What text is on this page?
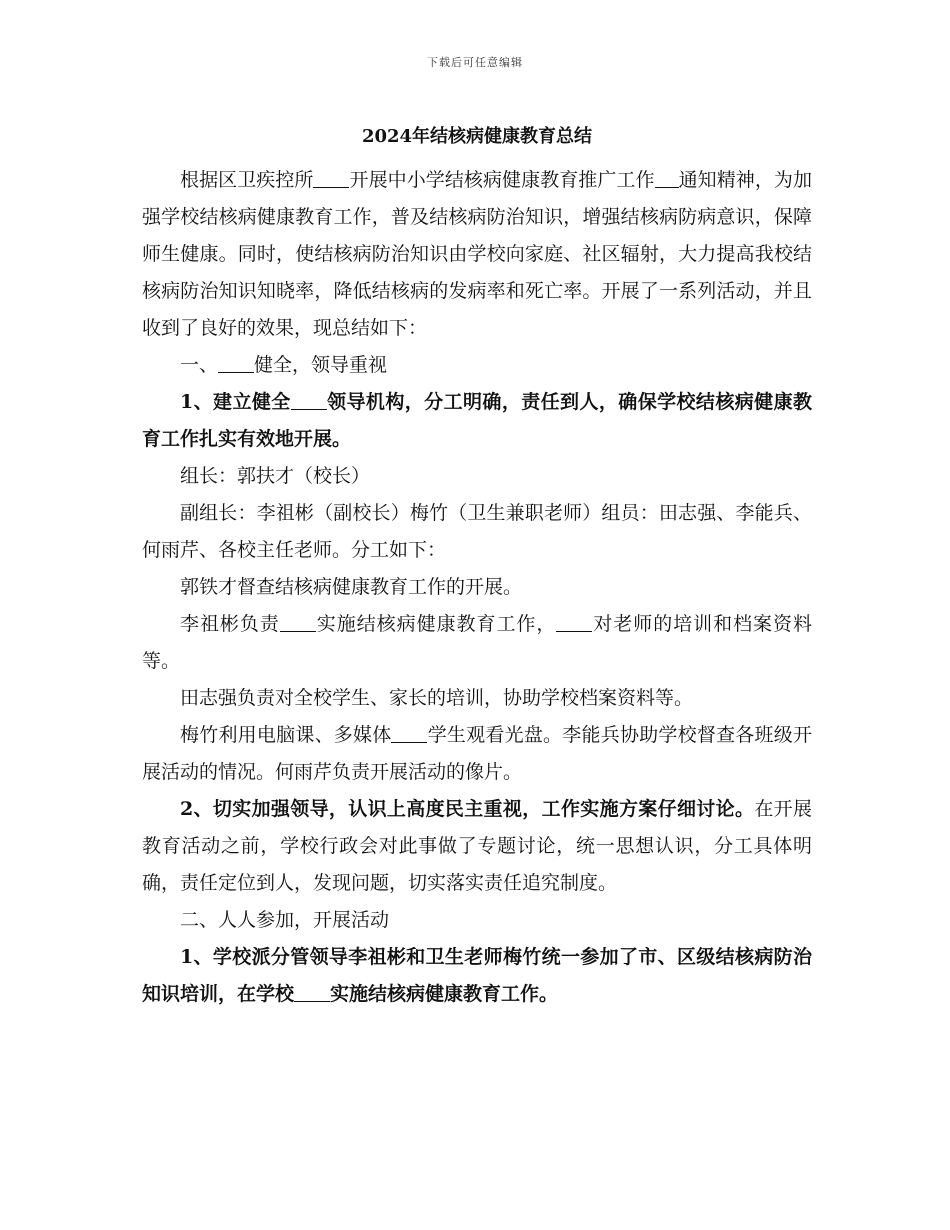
下载后可任意编辑
2024年结核病健康教育总结

根据区卫疾控所 开展中小学结核病健康教育推广工作 通知精神，为加强学校结核病健康教育工作，普及结核病防治知识，增强结核病防病意识，保障师生健康。同时，使结核病防治知识由学校向家庭、社区辐射，大力提高我校结核病防治知识知晓率，降低结核病的发病率和死亡率。开展了一系列活动，并且收到了良好的效果，现总结如下：

一、 健全，领导重视

1、建立健全 领导机构，分工明确，责任到人，确保学校结核病健康教育工作扎实有效地开展。

组长：郭扶才（校长）

副组长：李祖彬（副校长）梅竹（卫生兼职老师）组员：田志强、李能兵、何雨芹、各校主任老师。分工如下：

郭铁才督查结核病健康教育工作的开展。

李祖彬负责 实施结核病健康教育工作， 对老师的培训和档案资料等。

田志强负责对全校学生、家长的培训，协助学校档案资料等。

梅竹利用电脑课、多媒体 学生观看光盘。李能兵协助学校督查各班级开展活动的情况。何雨芹负责开展活动的像片。

2、切实加强领导，认识上高度民主重视，工作实施方案仔细讨论。在开展教育活动之前，学校行政会对此事做了专题讨论，统一思想认识，分工具体明确，责任定位到人，发现问题，切实落实责任追究制度。

二、人人参加，开展活动

1、学校派分管领导李祖彬和卫生老师梅竹统一参加了市、区级结核病防治知识培训，在学校 实施结核病健康教育工作。
